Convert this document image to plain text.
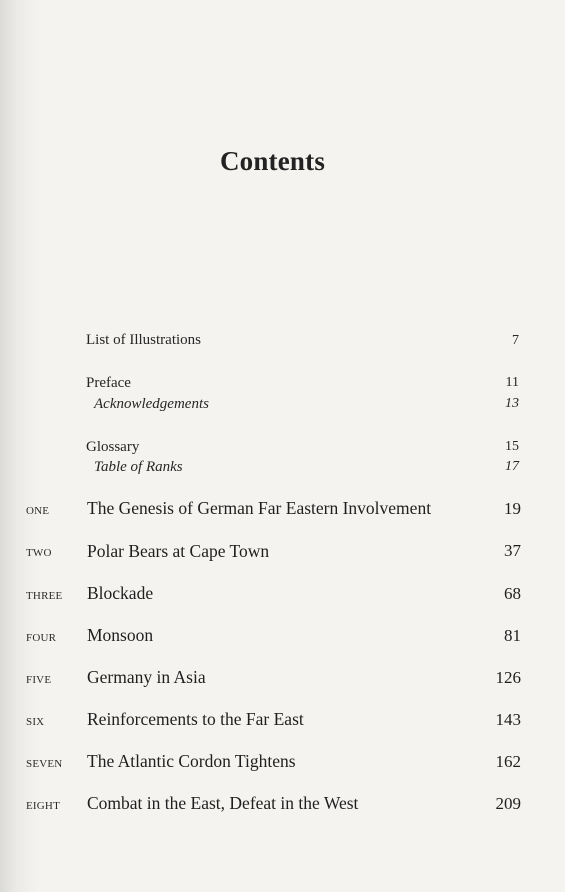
Contents
List of Illustrations	7
Preface	11
Acknowledgements	13
Glossary	15
Table of Ranks	17
ONE The Genesis of German Far Eastern Involvement	19
TWO Polar Bears at Cape Town	37
THREE Blockade	68
FOUR Monsoon	81
FIVE Germany in Asia	126
SIX Reinforcements to the Far East	143
SEVEN The Atlantic Cordon Tightens	162
EIGHT Combat in the East, Defeat in the West	209
